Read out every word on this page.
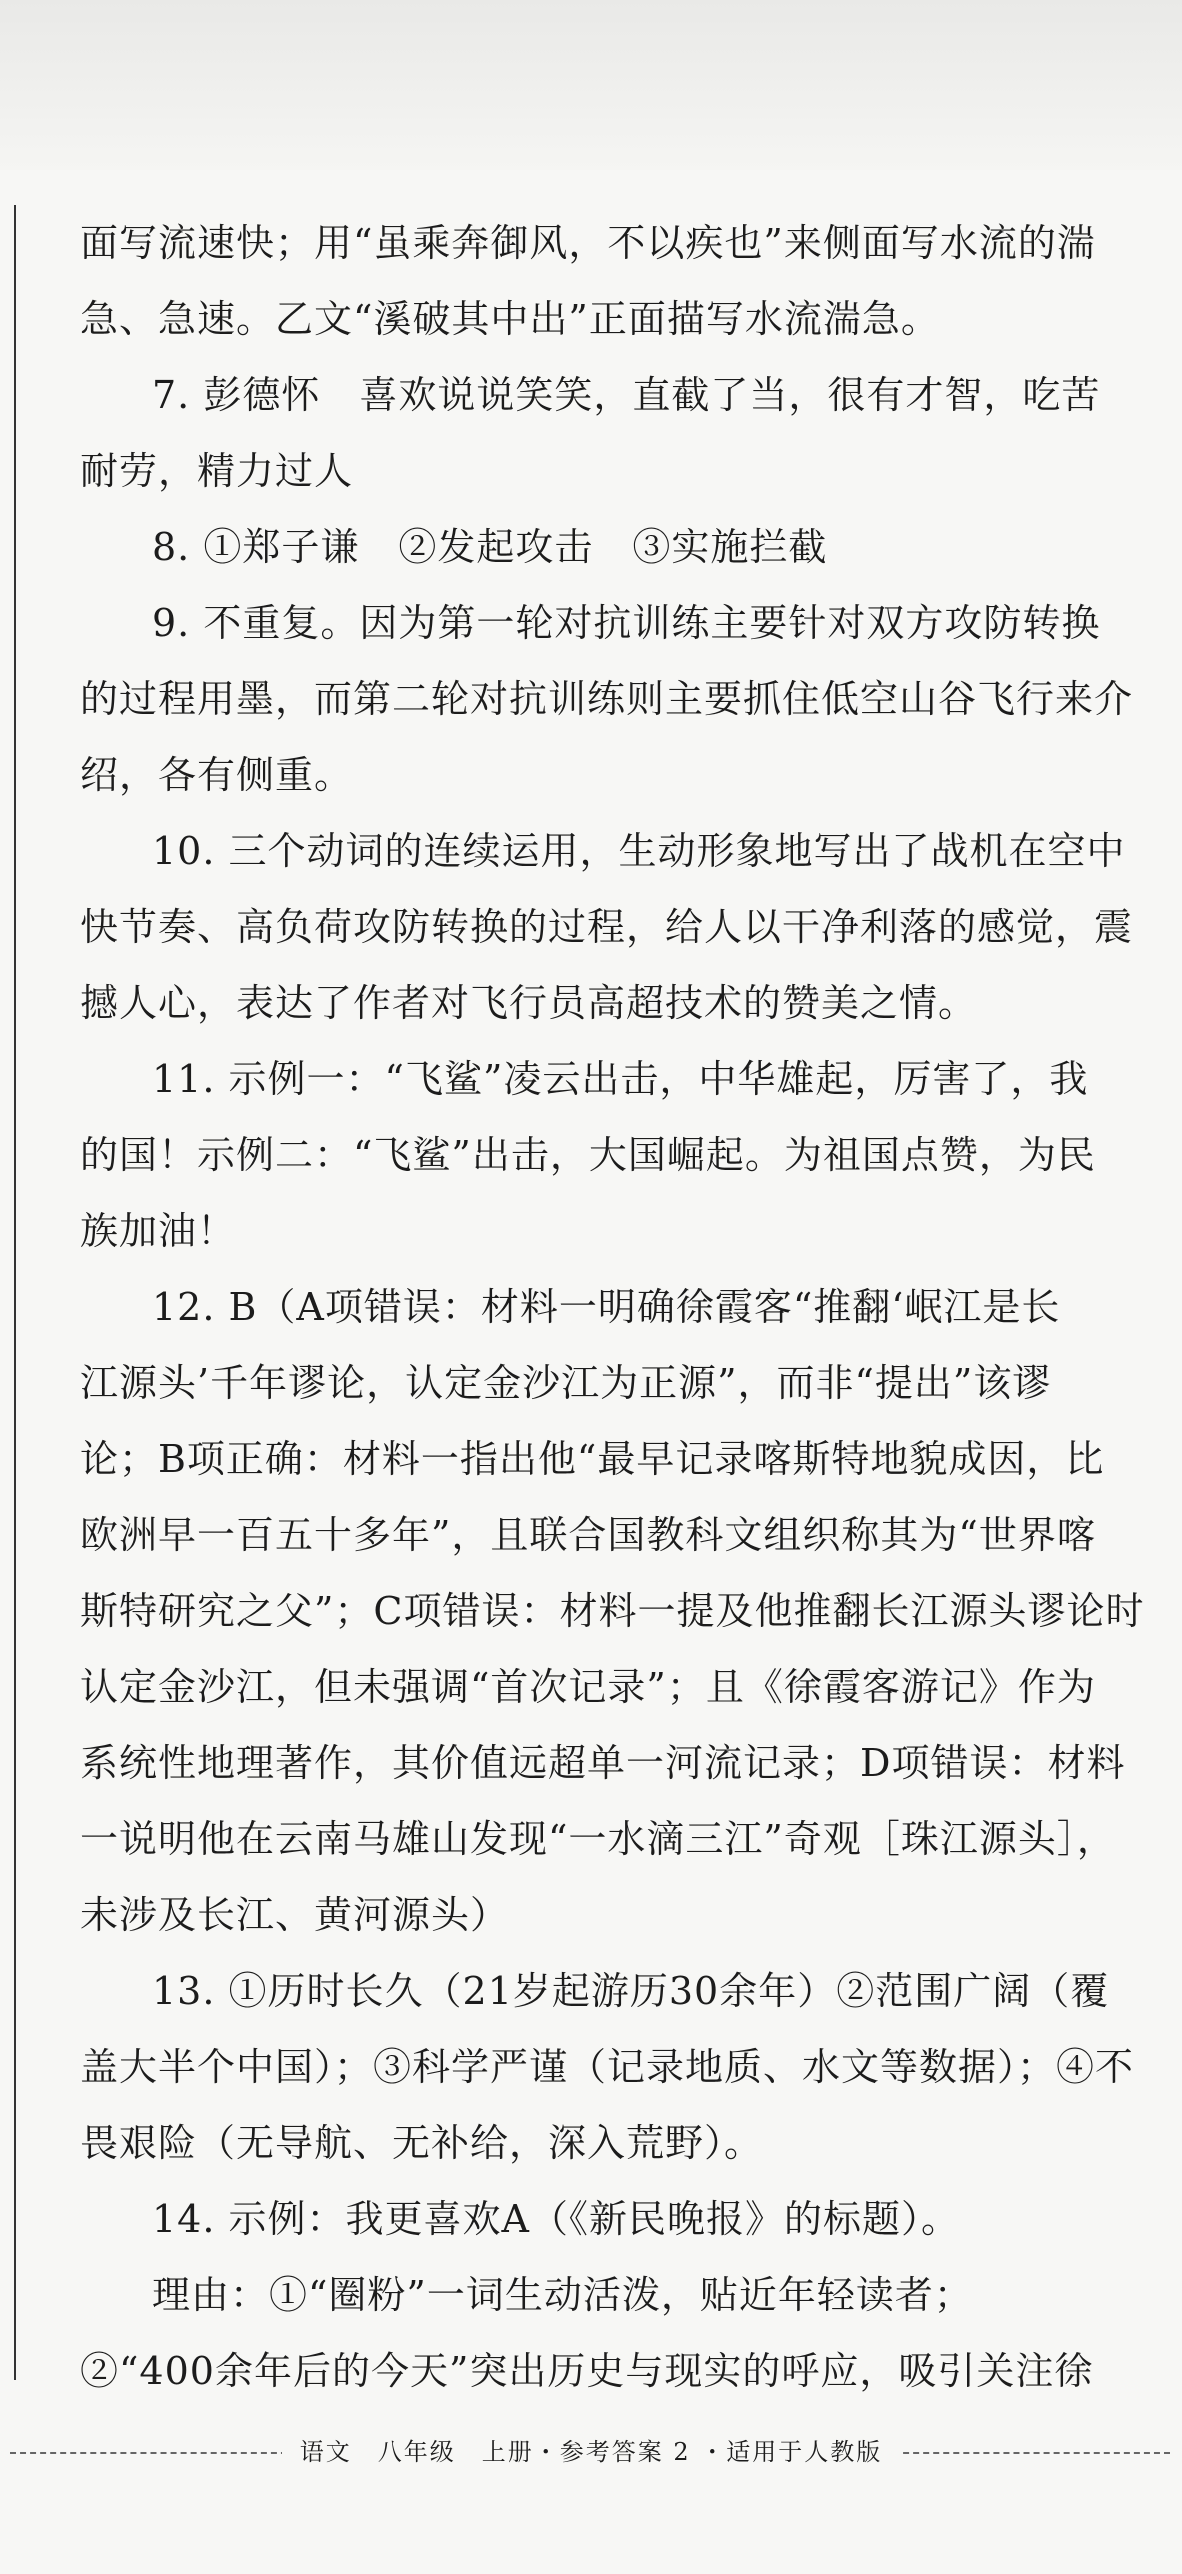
面写流速快；用“虽乘奔御风，不以疾也”来侧面写水流的湍
急、急速。乙文“溪破其中出”正面描写水流湍急。
7. 彭德怀　喜欢说说笑笑，直截了当，很有才智，吃苦
耐劳，精力过人
8. ①郑子谦　②发起攻击　③实施拦截
9. 不重复。因为第一轮对抗训练主要针对双方攻防转换
的过程用墨，而第二轮对抗训练则主要抓住低空山谷飞行来介
绍，各有侧重。
10. 三个动词的连续运用，生动形象地写出了战机在空中
快节奏、高负荷攻防转换的过程，给人以干净利落的感觉，震
撼人心，表达了作者对飞行员高超技术的赞美之情。
11. 示例一：“飞鲨”凌云出击，中华雄起，厉害了，我
的国！示例二：“飞鲨”出击，大国崛起。为祖国点赞，为民
族加油！
12. B（A项错误：材料一明确徐霞客“推翻‘岷江是长
江源头’千年谬论，认定金沙江为正源”，而非“提出”该谬
论；B项正确：材料一指出他“最早记录喀斯特地貌成因，比
欧洲早一百五十多年”，且联合国教科文组织称其为“世界喀
斯特研究之父”；C项错误：材料一提及他推翻长江源头谬论时
认定金沙江，但未强调“首次记录”；且《徐霞客游记》作为
系统性地理著作，其价值远超单一河流记录；D项错误：材料
一说明他在云南马雄山发现“一水滴三江”奇观［珠江源头］，
未涉及长江、黄河源头）
13. ①历时长久（21岁起游历30余年）②范围广阔（覆
盖大半个中国）；③科学严谨（记录地质、水文等数据）；④不
畏艰险（无导航、无补给，深入荒野）。
14. 示例：我更喜欢A（《新民晚报》的标题）。
理由：①“圈粉”一词生动活泼，贴近年轻读者；
②“400余年后的今天”突出历史与现实的呼应，吸引关注徐
语文　八年级　上册・参考答案 2 ・适用于人教版
